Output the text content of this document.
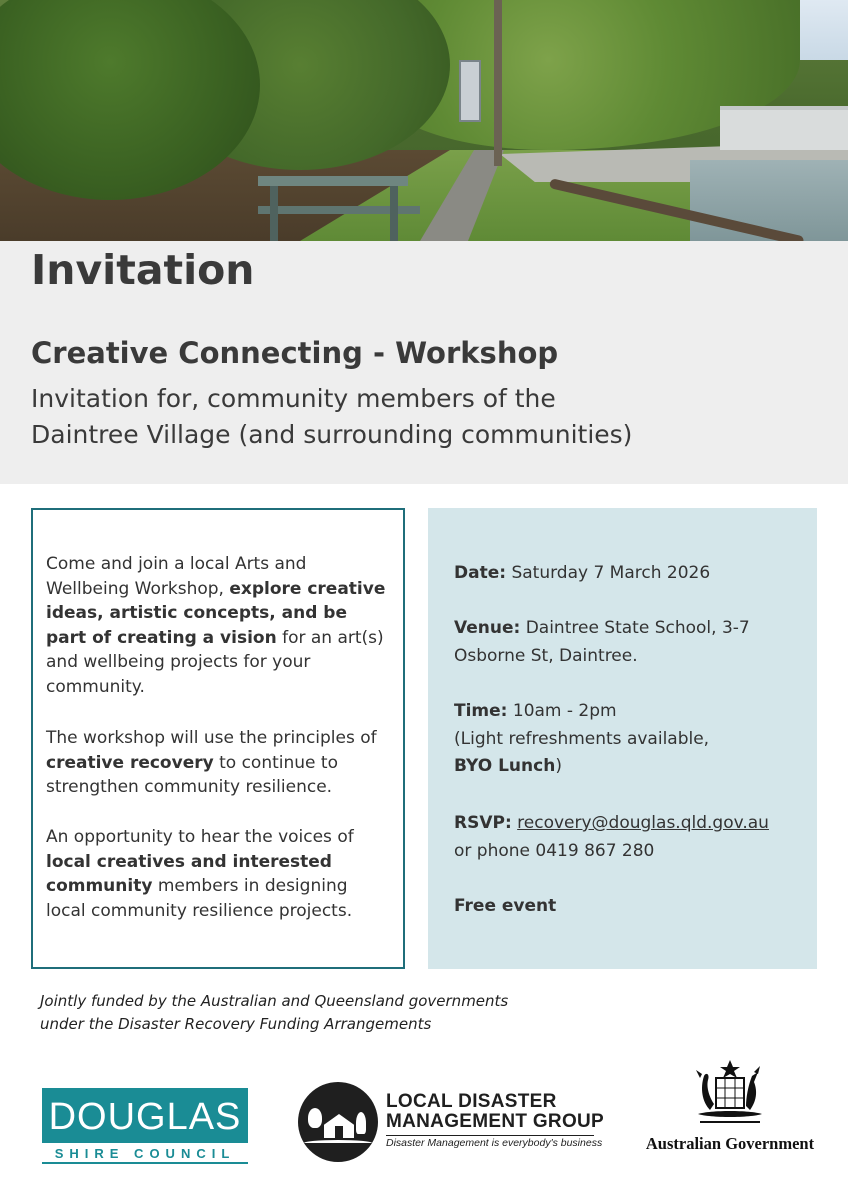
Invitation
Creative Connecting - Workshop
Invitation for, community members of the
Daintree Village (and surrounding communities)
Come and join a local Arts and Wellbeing Workshop, explore creative ideas, artistic concepts, and be part of creating a vision for an art(s) and wellbeing projects for your community.
The workshop will use the principles of creative recovery to continue to strengthen community resilience.
An opportunity to hear the voices of local creatives and interested community members in designing local community resilience projects.
Date: Saturday 7 March 2026
Venue: Daintree State School, 3-7 Osborne St, Daintree.
Time: 10am - 2pm
(Light refreshments available,
BYO Lunch)
RSVP: recovery@douglas.qld.gov.au
or phone 0419 867 280
Free event
Jointly funded by the Australian and Queensland governments
under the Disaster Recovery Funding Arrangements
DOUGLAS
SHIRE COUNCIL
LOCAL DISASTER
MANAGEMENT GROUP
Disaster Management is everybody's business	Australian Government
